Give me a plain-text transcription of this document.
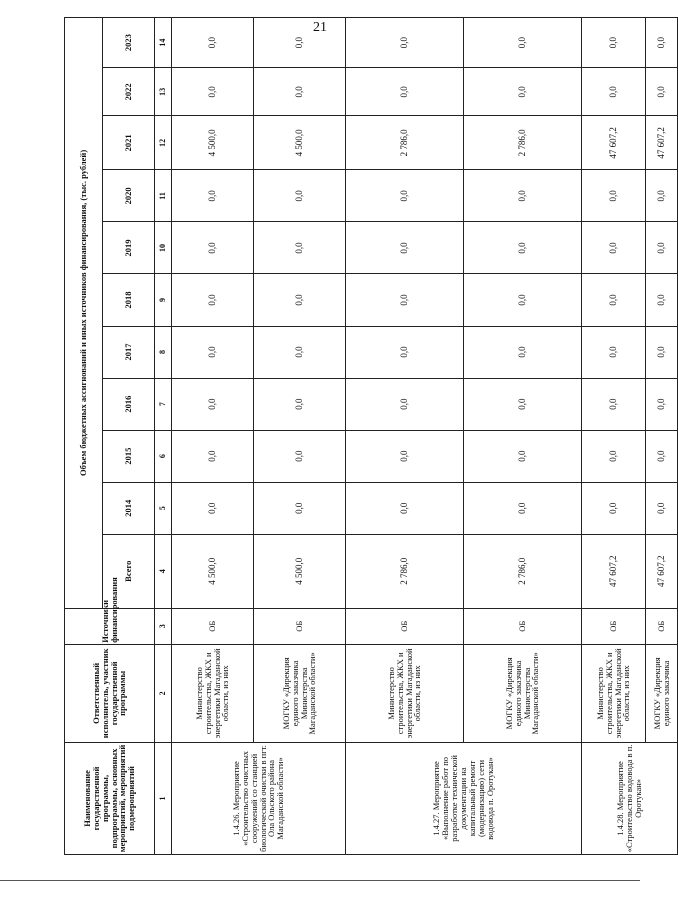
21
Наименование государственной программы, подпрограммы, основных мероприятий, мероприятий подмероприятий	Ответственный исполнитель, участник государственной программы	Источники финансирования	Объем бюджетных ассигнований и иных источников финансирования, (тыс. рублей)										
			Всего	2014	2015	2016	2017	2018	2019	2020	2021	2022	2023
1	2	3	4	5	6	7	8	9	10	11	12	13	14
1.4.26. Мероприятие «Строительство очистных сооружений со станцией биологической очистки в пгт. Ола Ольского района Магаданской области»	Министерство строительства, ЖКХ и энергетики Магаданской области, из них	ОБ	4 500,0	0,0	0,0	0,0	0,0	0,0	0,0	0,0	4 500,0	0,0	0,0
	МОГКУ «Дирекция единого заказчика Министерства Магаданской области»	ОБ	4 500,0	0,0	0,0	0,0	0,0	0,0	0,0	0,0	4 500,0	0,0	0,0
1.4.27. Мероприятие «Выполнение работ по разработке технической документации на капитальный ремонт (модернизацию) сети водовода п. Оротукан»	Министерство строительства, ЖКХ и энергетики Магаданской области, из них	ОБ	2 786,0	0,0	0,0	0,0	0,0	0,0	0,0	0,0	2 786,0	0,0	0,0
	МОГКУ «Дирекция единого заказчика Министерства Магаданской области»	ОБ	2 786,0	0,0	0,0	0,0	0,0	0,0	0,0	0,0	2 786,0	0,0	0,0
1.4.28. Мероприятие «Строительство водовода в п. Оротукан»	Министерство строительства, ЖКХ и энергетики Магаданской области, из них	ОБ	47 607,2	0,0	0,0	0,0	0,0	0,0	0,0	0,0	47 607,2	0,0	0,0
	МОГКУ «Дирекция единого заказчика	ОБ	47 607,2	0,0	0,0	0,0	0,0	0,0	0,0	0,0	47 607,2	0,0	0,0
